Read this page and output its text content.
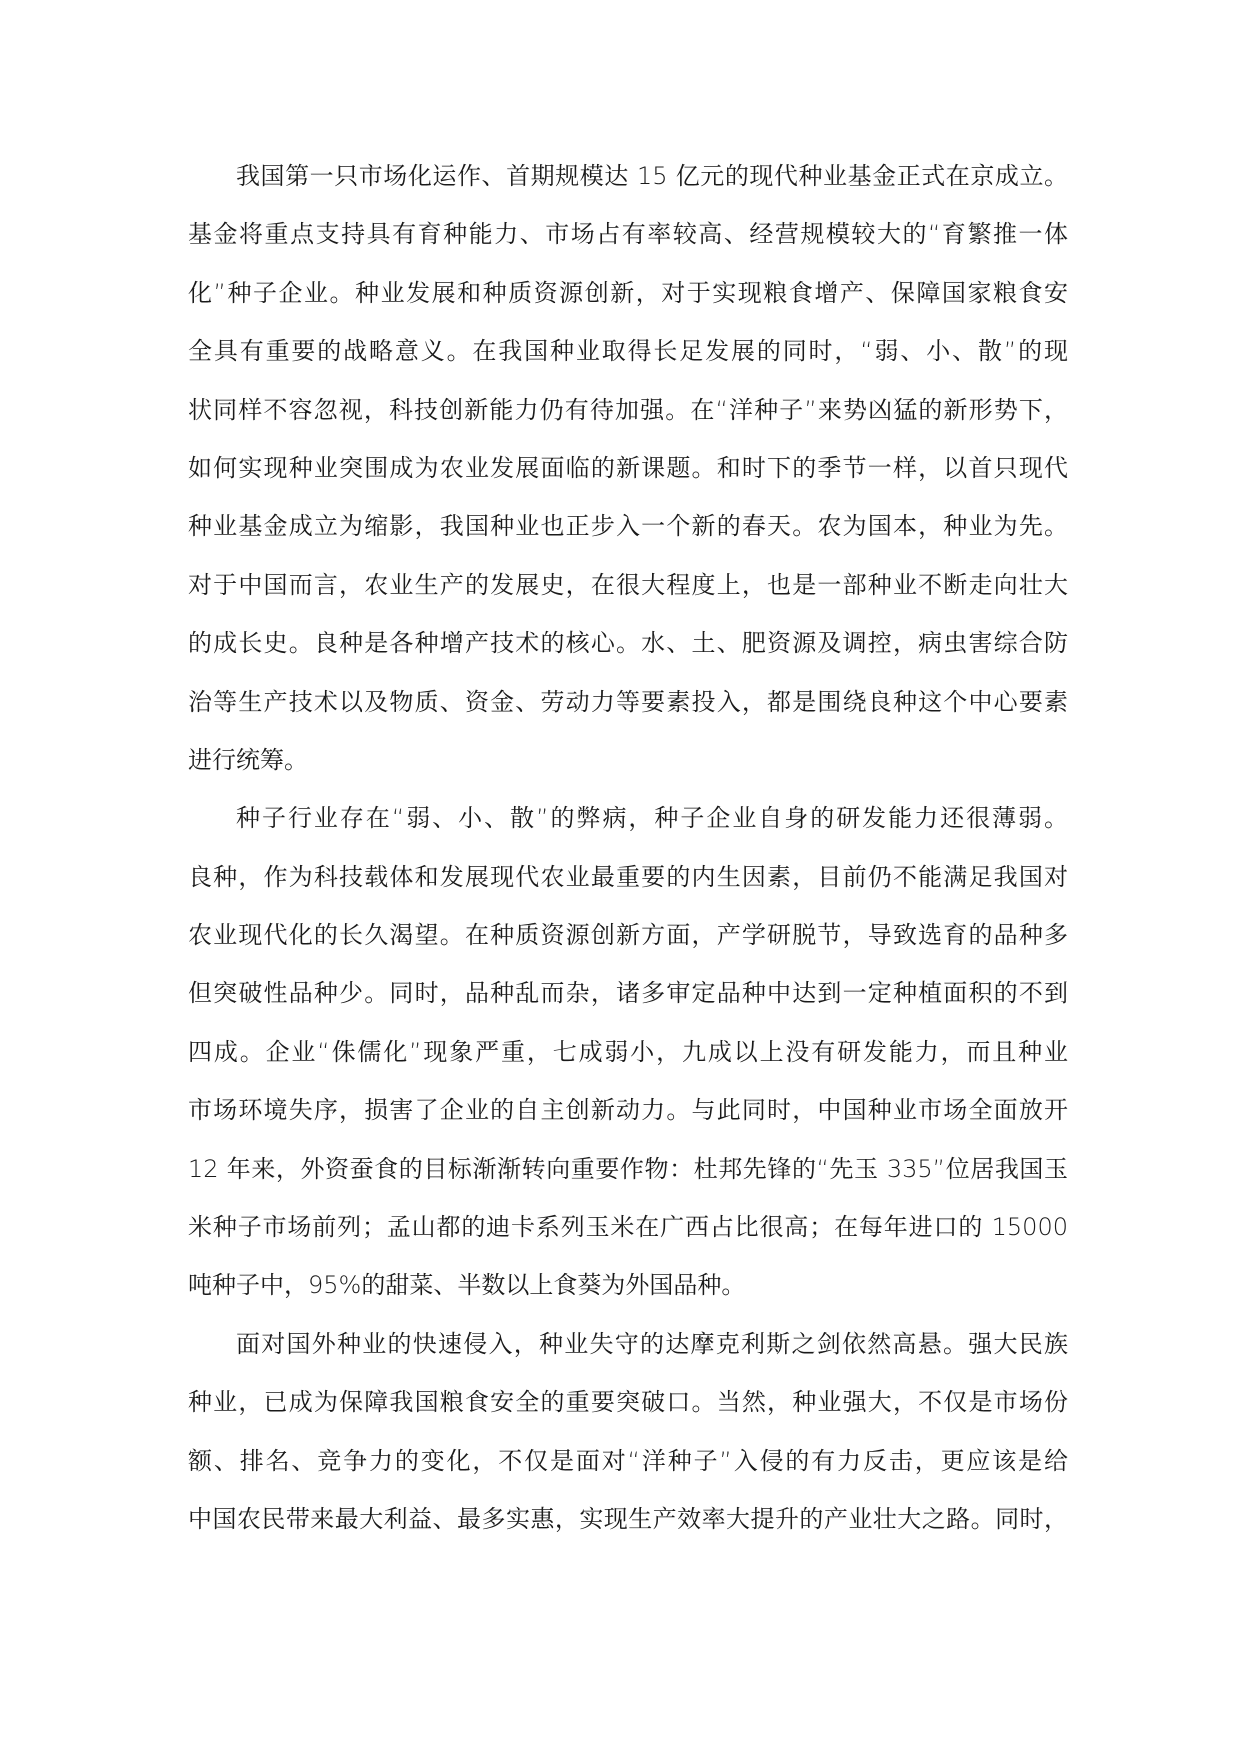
我国第一只市场化运作、首期规模达 15 亿元的现代种业基金正式在京成立。
基金将重点支持具有育种能力、市场占有率较高、经营规模较大的“育繁推一体
化”种子企业。种业发展和种质资源创新，对于实现粮食增产、保障国家粮食安
全具有重要的战略意义。在我国种业取得长足发展的同时，“弱、小、散”的现
状同样不容忽视，科技创新能力仍有待加强。在“洋种子”来势凶猛的新形势下，
如何实现种业突围成为农业发展面临的新课题。和时下的季节一样，以首只现代
种业基金成立为缩影，我国种业也正步入一个新的春天。农为国本，种业为先。
对于中国而言，农业生产的发展史，在很大程度上，也是一部种业不断走向壮大
的成长史。良种是各种增产技术的核心。水、土、肥资源及调控，病虫害综合防
治等生产技术以及物质、资金、劳动力等要素投入，都是围绕良种这个中心要素
进行统筹。
种子行业存在“弱、小、散”的弊病，种子企业自身的研发能力还很薄弱。
良种，作为科技载体和发展现代农业最重要的内生因素，目前仍不能满足我国对
农业现代化的长久渴望。在种质资源创新方面，产学研脱节，导致选育的品种多
但突破性品种少。同时，品种乱而杂，诸多审定品种中达到一定种植面积的不到
四成。企业“侏儒化”现象严重，七成弱小，九成以上没有研发能力，而且种业
市场环境失序，损害了企业的自主创新动力。与此同时，中国种业市场全面放开
12 年来，外资蚕食的目标渐渐转向重要作物：杜邦先锋的“先玉 335”位居我国玉
米种子市场前列；孟山都的迪卡系列玉米在广西占比很高；在每年进口的 15000
吨种子中，95%的甜菜、半数以上食葵为外国品种。
面对国外种业的快速侵入，种业失守的达摩克利斯之剑依然高悬。强大民族
种业，已成为保障我国粮食安全的重要突破口。当然，种业强大，不仅是市场份
额、排名、竞争力的变化，不仅是面对“洋种子”入侵的有力反击，更应该是给
中国农民带来最大利益、最多实惠，实现生产效率大提升的产业壮大之路。同时，
